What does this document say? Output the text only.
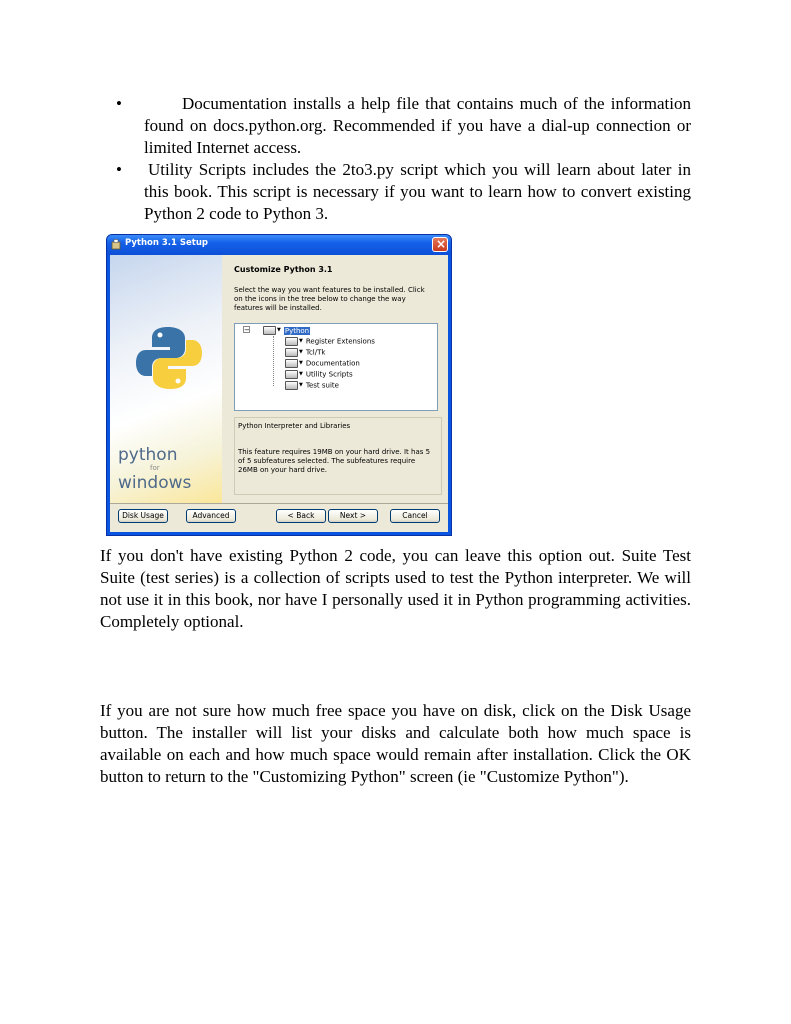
•	Documentation installs a help file that contains much of the information found on docs.python.org. Recommended if you have a dial-up connection or limited Internet access.
• Utility Scripts includes the 2to3.py script which you will learn about later in this book. This script is necessary if you want to learn how to convert existing Python 2 code to Python 3.
Python 3.1 Setup	×
python
for
windows
Customize Python 3.1
Select the way you want features to be installed. Click on the icons in the tree below to change the way features will be installed.
−	▼ Python
▼ Register Extensions
▼ Tcl/Tk
▼ Documentation
▼ Utility Scripts
▼ Test suite
Python Interpreter and Libraries
This feature requires 19MB on your hard drive. It has 5 of 5 subfeatures selected. The subfeatures require 26MB on your hard drive.
Disk Usage	Advanced	< Back	Next >	Cancel

If you don't have existing Python 2 code, you can leave this option out. Suite Test Suite (test series) is a collection of scripts used to test the Python interpreter. We will not use it in this book, nor have I personally used it in Python programming activities. Completely optional.

If you are not sure how much free space you have on disk, click on the Disk Usage button. The installer will list your disks and calculate both how much space is available on each and how much space would remain after installation. Click the OK button to return to the "Customizing Python" screen (ie "Customize Python").
